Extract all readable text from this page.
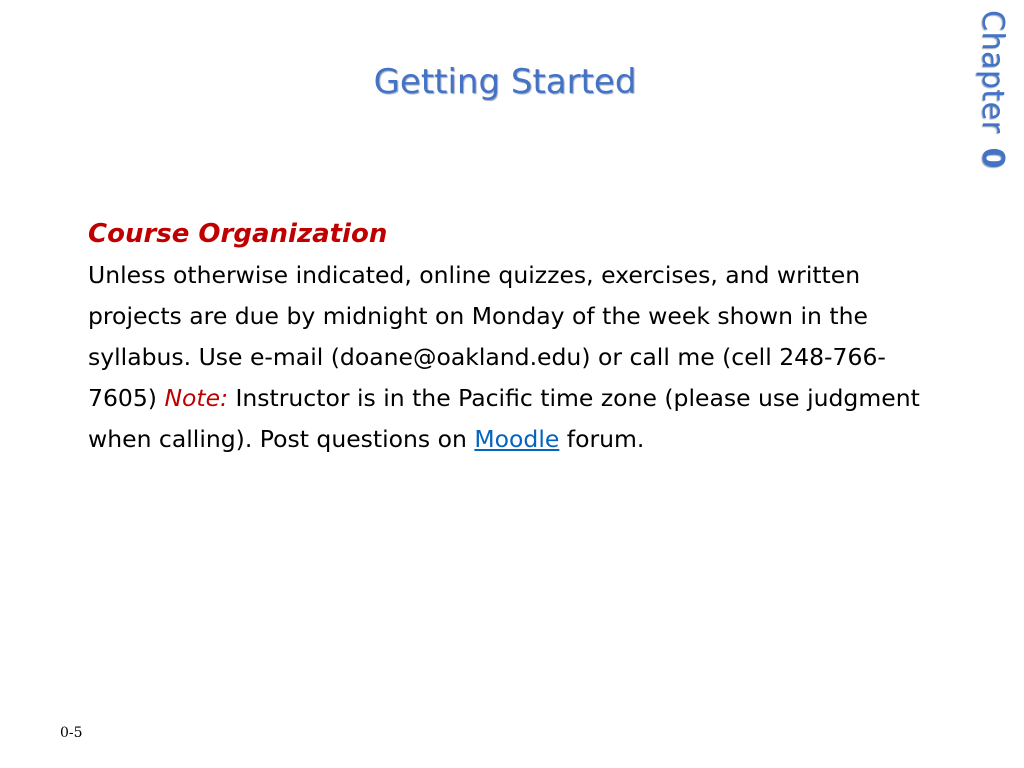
Getting Started	Chapter0
Course Organization
Unless otherwise indicated, online quizzes, exercises, and written projects are due by midnight on Monday of the week shown in the syllabus. Use e-mail (doane@oakland.edu) or call me (cell 248-766-7605) Note: Instructor is in the Pacific time zone (please use judgment when calling). Post questions on Moodle forum.
0-5
